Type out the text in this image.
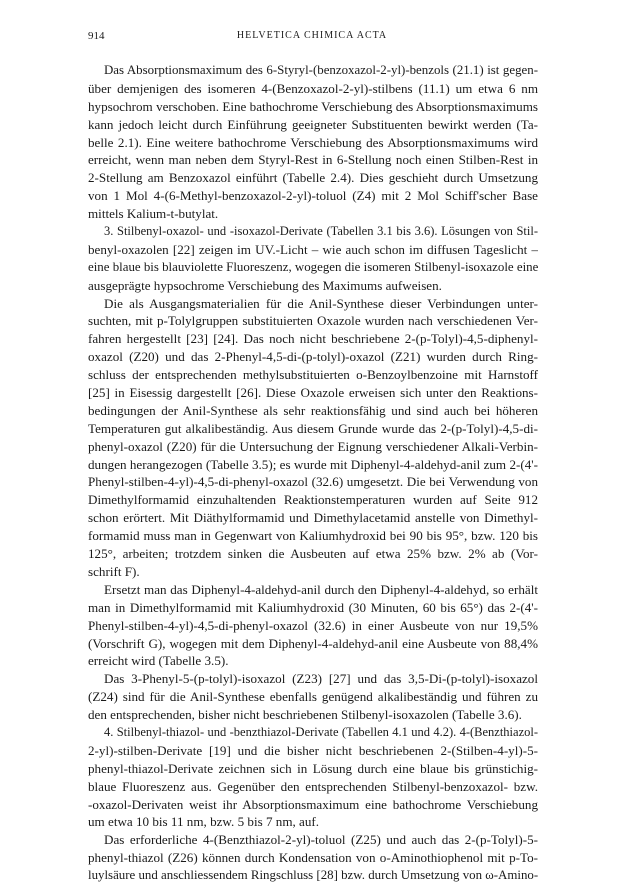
914	HELVETICA CHIMICA ACTA
Das Absorptionsmaximum des 6-Styryl-(benzoxazol-2-yl)-benzols (21.1) ist gegen-
über demjenigen des isomeren 4-(Benzoxazol-2-yl)-stilbens (11.1) um etwa 6 nm
hypsochrom verschoben. Eine bathochrome Verschiebung des Absorptionsmaximums
kann jedoch leicht durch Einführung geeigneter Substituenten bewirkt werden (Ta-
belle 2.1). Eine weitere bathochrome Verschiebung des Absorptionsmaximums wird
erreicht, wenn man neben dem Styryl-Rest in 6-Stellung noch einen Stilben-Rest in
2-Stellung am Benzoxazol einführt (Tabelle 2.4). Dies geschieht durch Umsetzung
von 1 Mol 4-(6-Methyl-benzoxazol-2-yl)-toluol (Z4) mit 2 Mol Schiff'scher Base
mittels Kalium-t-butylat.
3. Stilbenyl-oxazol- und -isoxazol-Derivate (Tabellen 3.1 bis 3.6). Lösungen von Stil-
benyl-oxazolen [22] zeigen im UV.-Licht – wie auch schon im diffusen Tageslicht –
eine blaue bis blauviolette Fluoreszenz, wogegen die isomeren Stilbenyl-isoxazole eine
ausgeprägte hypsochrome Verschiebung des Maximums aufweisen.
Die als Ausgangsmaterialien für die Anil-Synthese dieser Verbindungen unter-
suchten, mit p-Tolylgruppen substituierten Oxazole wurden nach verschiedenen Ver-
fahren hergestellt [23] [24]. Das noch nicht beschriebene 2-(p-Tolyl)-4,5-diphenyl-
oxazol (Z20) und das 2-Phenyl-4,5-di-(p-tolyl)-oxazol (Z21) wurden durch Ring-
schluss der entsprechenden methylsubstituierten o-Benzoylbenzoine mit Harnstoff
[25] in Eisessig dargestellt [26]. Diese Oxazole erweisen sich unter den Reaktions-
bedingungen der Anil-Synthese als sehr reaktionsfähig und sind auch bei höheren
Temperaturen gut alkalibeständig. Aus diesem Grunde wurde das 2-(p-Tolyl)-4,5-di-
phenyl-oxazol (Z20) für die Untersuchung der Eignung verschiedener Alkali-Verbin-
dungen herangezogen (Tabelle 3.5); es wurde mit Diphenyl-4-aldehyd-anil zum 2-(4'-
Phenyl-stilben-4-yl)-4,5-di-phenyl-oxazol (32.6) umgesetzt. Die bei Verwendung von
Dimethylformamid einzuhaltenden Reaktionstemperaturen wurden auf Seite 912
schon erörtert. Mit Diäthylformamid und Dimethylacetamid anstelle von Dimethyl-
formamid muss man in Gegenwart von Kaliumhydroxid bei 90 bis 95°, bzw. 120 bis
125°, arbeiten; trotzdem sinken die Ausbeuten auf etwa 25% bzw. 2% ab (Vor-
schrift F).
Ersetzt man das Diphenyl-4-aldehyd-anil durch den Diphenyl-4-aldehyd, so erhält
man in Dimethylformamid mit Kaliumhydroxid (30 Minuten, 60 bis 65°) das 2-(4'-
Phenyl-stilben-4-yl)-4,5-di-phenyl-oxazol (32.6) in einer Ausbeute von nur 19,5%
(Vorschrift G), wogegen mit dem Diphenyl-4-aldehyd-anil eine Ausbeute von 88,4%
erreicht wird (Tabelle 3.5).
Das 3-Phenyl-5-(p-tolyl)-isoxazol (Z23) [27] und das 3,5-Di-(p-tolyl)-isoxazol
(Z24) sind für die Anil-Synthese ebenfalls genügend alkalibeständig und führen zu
den entsprechenden, bisher nicht beschriebenen Stilbenyl-isoxazolen (Tabelle 3.6).
4. Stilbenyl-thiazol- und -benzthiazol-Derivate (Tabellen 4.1 und 4.2). 4-(Benzthiazol-
2-yl)-stilben-Derivate [19] und die bisher nicht beschriebenen 2-(Stilben-4-yl)-5-
phenyl-thiazol-Derivate zeichnen sich in Lösung durch eine blaue bis grünstichig-
blaue Fluoreszenz aus. Gegenüber den entsprechenden Stilbenyl-benzoxazol- bzw.
-oxazol-Derivaten weist ihr Absorptionsmaximum eine bathochrome Verschiebung
um etwa 10 bis 11 nm, bzw. 5 bis 7 nm, auf.
Das erforderliche 4-(Benzthiazol-2-yl)-toluol (Z25) und auch das 2-(p-Tolyl)-5-
phenyl-thiazol (Z26) können durch Kondensation von o-Aminothiophenol mit p-To-
luylsäure und anschliessendem Ringschluss [28] bzw. durch Umsetzung von ω-Amino-
